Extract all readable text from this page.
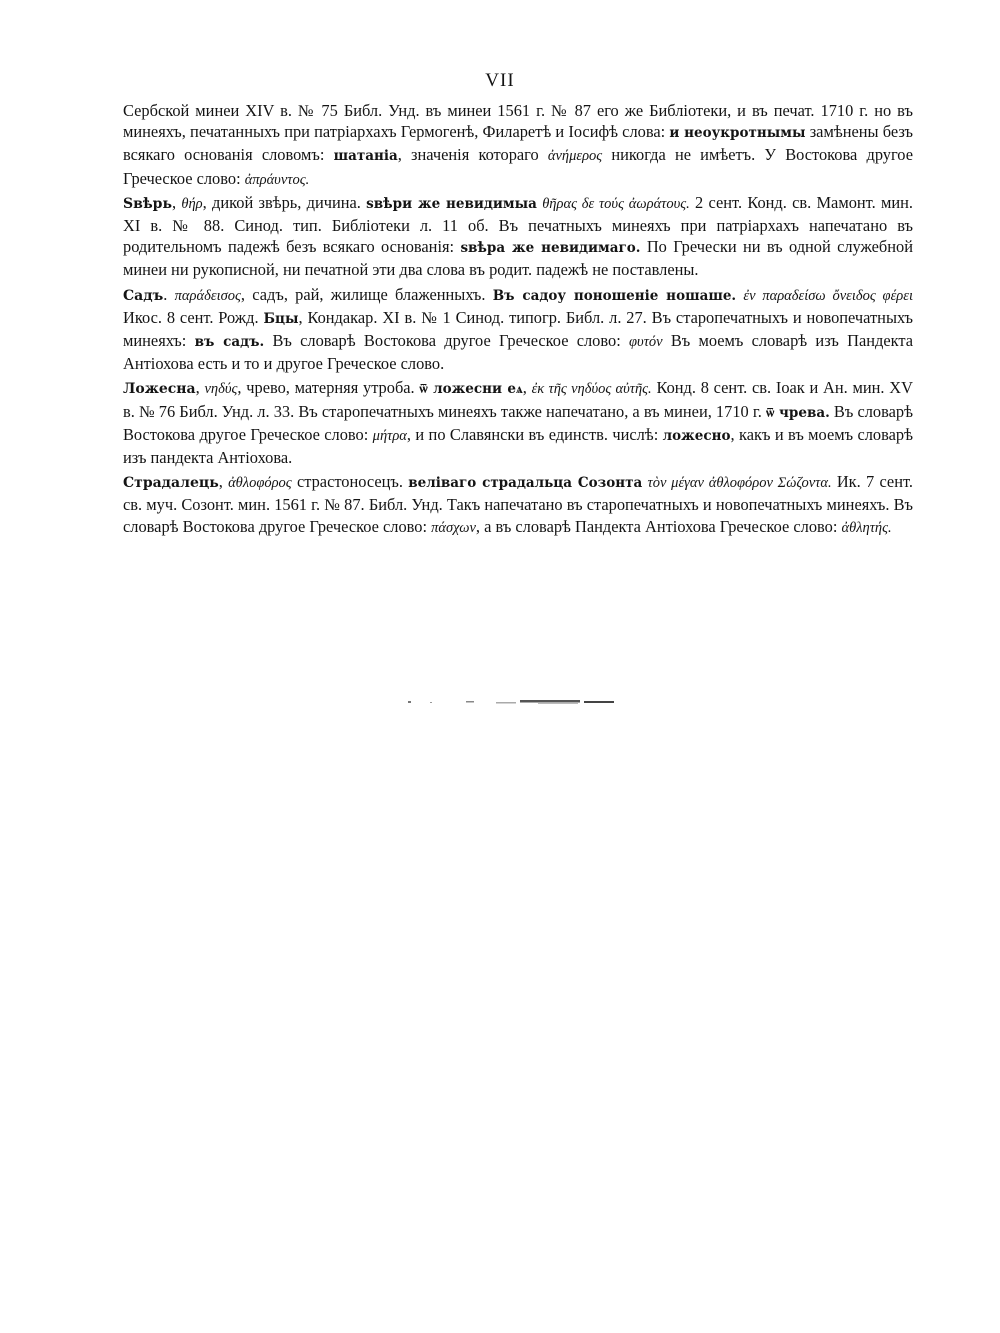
VII

Сербской минеи XIV в. № 75 Библ. Унд. въ минеи 1561 г. № 87 его же Библіотеки, и въ печат. 1710 г. но въ минеяхъ, печатанныхъ при патріархахъ Гермогенѣ, Филаретѣ и Іосифѣ слова: и неоукротнымы замѣнены безъ всякаго основанія словомъ: шатаніа, значенія котораго ἀνήμερος никогда не имѣетъ. У Востокова другое Греческое слово: ἀπράυντος.

Ѕвѣрь, θήρ, дикой звѣрь, дичина. ѕвѣри же невидимыа θῆρας δε τούς ἀωράτους. 2 сент. Конд. св. Мамонт. мин. XI в. № 88. Синод. тип. Библіотеки л. 11 об. Въ печатныхъ минеяхъ при патріархахъ напечатано въ родительномъ падежѣ безъ всякаго основанія: ѕвѣра же невидимаго. По Гречески ни въ одной служебной минеи ни рукописной, ни печатной эти два слова въ родит. падежѣ не поставлены.

Садъ. παράδεισος, садъ, рай, жилище блаженныхъ. Въ садоу поношеніе ношаше. ἐν παραδείσω ὄνειδος φέρει Икос. 8 сент. Рожд. Бцы, Кондакар. XI в. № 1 Синод. типогр. Библ. л. 27. Въ старопечатныхъ и новопечатныхъ минеяхъ: въ садъ. Въ словарѣ Востокова другое Греческое слово: φυτόν Въ моемъ словарѣ изъ Пандекта Антіохова есть и то и другое Греческое слово.

Ложесна, νηδύς, чрево, матерняя утроба. ѿ ложесни еѧ, ἐκ τῆς νηδύος αὐτῆς. Конд. 8 сент. св. Іоак и Ан. мин. XV в. № 76 Библ. Унд. л. 33. Въ старопечатныхъ минеяхъ также напечатано, а въ минеи, 1710 г. ѿ чрева. Въ словарѣ Востокова другое Греческое слово: μήτρα, и по Славянски въ единств. числѣ: ложесно, какъ и въ моемъ словарѣ изъ пандекта Антіохова.

Страдалець, ἀθλοφόρος страстоносецъ. веліваго страдальца Созонта τὸν μέγαν ἀθλοφόρον Σώζοντα. Ик. 7 сент. св. муч. Созонт. мин. 1561 г. № 87. Библ. Унд. Такъ напечатано въ старопечатныхъ и новопечатныхъ минеяхъ. Въ словарѣ Востокова другое Греческое слово: πάσχων, а въ словарѣ Пандекта Антіохова Греческое слово: ἀθλητής.
